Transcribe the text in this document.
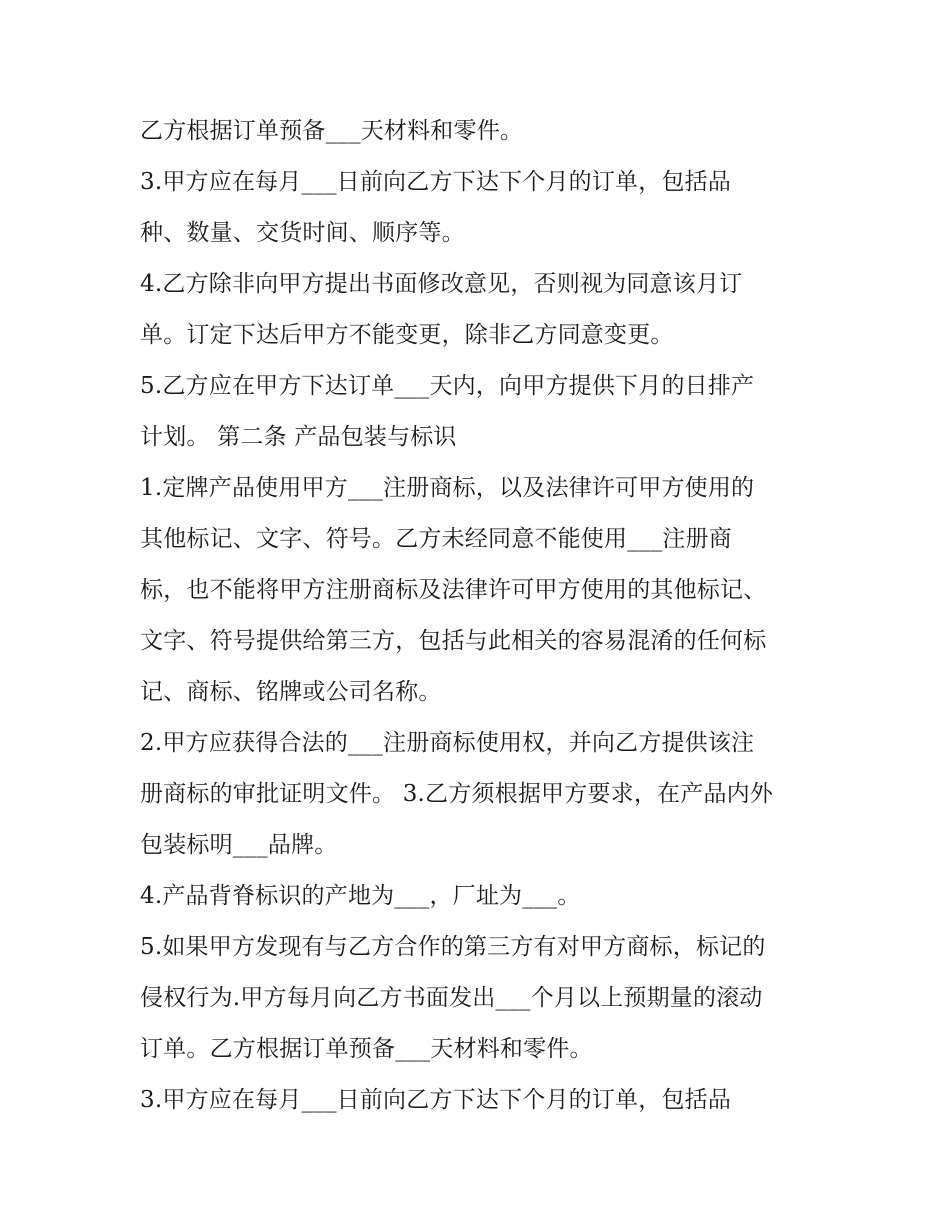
乙方根据订单预备___天材料和零件。
3.甲方应在每月___日前向乙方下达下个月的订单，包括品
种、数量、交货时间、顺序等。
4.乙方除非向甲方提出书面修改意见，否则视为同意该月订
单。订定下达后甲方不能变更，除非乙方同意变更。
5.乙方应在甲方下达订单___天内，向甲方提供下月的日排产
计划。 第二条 产品包装与标识
1.定牌产品使用甲方___注册商标，以及法律许可甲方使用的
其他标记、文字、符号。乙方未经同意不能使用___注册商
标，也不能将甲方注册商标及法律许可甲方使用的其他标记、
文字、符号提供给第三方，包括与此相关的容易混淆的任何标
记、商标、铭牌或公司名称。
2.甲方应获得合法的___注册商标使用权，并向乙方提供该注
册商标的审批证明文件。 3.乙方须根据甲方要求，在产品内外
包装标明___品牌。
4.产品背脊标识的产地为___，厂址为___。
5.如果甲方发现有与乙方合作的第三方有对甲方商标，标记的
侵权行为.甲方每月向乙方书面发出___个月以上预期量的滚动
订单。乙方根据订单预备___天材料和零件。
3.甲方应在每月___日前向乙方下达下个月的订单，包括品
